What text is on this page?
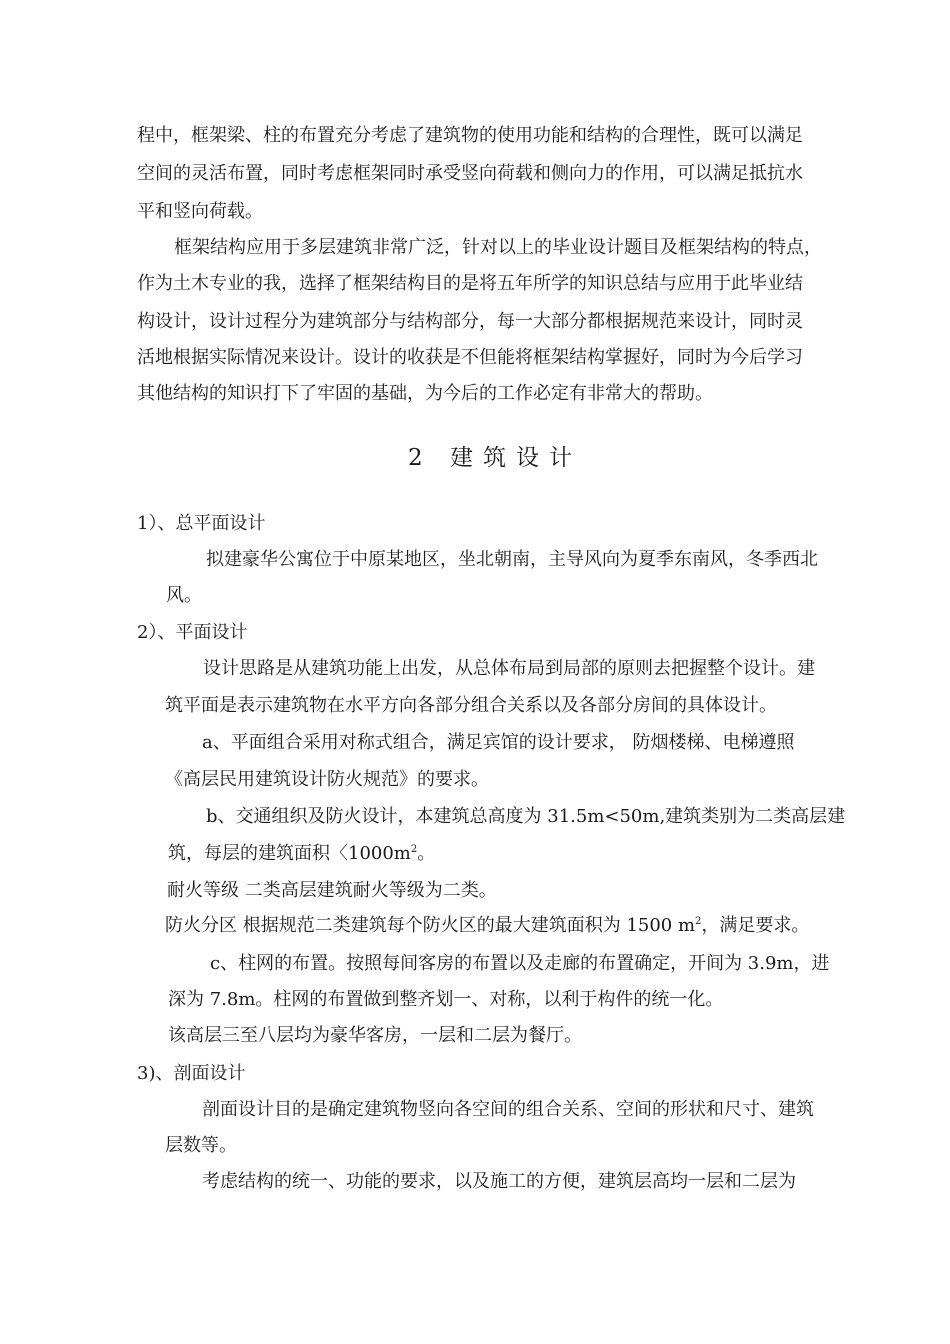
程中，框架梁、柱的布置充分考虑了建筑物的使用功能和结构的合理性，既可以满足
空间的灵活布置，同时考虑框架同时承受竖向荷载和侧向力的作用，可以满足抵抗水
平和竖向荷载。
框架结构应用于多层建筑非常广泛，针对以上的毕业设计题目及框架结构的特点，
作为土木专业的我，选择了框架结构目的是将五年所学的知识总结与应用于此毕业结
构设计，设计过程分为建筑部分与结构部分，每一大部分都根据规范来设计，同时灵
活地根据实际情况来设计。设计的收获是不但能将框架结构掌握好，同时为今后学习
其他结构的知识打下了牢固的基础，为今后的工作必定有非常大的帮助。
2 建筑设计
1）、总平面设计
拟建豪华公寓位于中原某地区，坐北朝南，主导风向为夏季东南风，冬季西北
风。
2）、平面设计
设计思路是从建筑功能上出发，从总体布局到局部的原则去把握整个设计。建
筑平面是表示建筑物在水平方向各部分组合关系以及各部分房间的具体设计。
a、平面组合采用对称式组合，满足宾馆的设计要求， 防烟楼梯、电梯遵照
《高层民用建筑设计防火规范》的要求。
b、交通组织及防火设计，本建筑总高度为 31.5m<50m,建筑类别为二类高层建
筑，每层的建筑面积〈$1000m^2$。
耐火等级 二类高层建筑耐火等级为二类。
防火分区 根据规范二类建筑每个防火区的最大建筑面积为 1500 $m^2$，满足要求。
c、柱网的布置。按照每间客房的布置以及走廊的布置确定，开间为 3.9m，进
深为 7.8m。柱网的布置做到整齐划一、对称，以利于构件的统一化。
该高层三至八层均为豪华客房，一层和二层为餐厅。
3)、剖面设计
剖面设计目的是确定建筑物竖向各空间的组合关系、空间的形状和尺寸、建筑
层数等。
考虑结构的统一、功能的要求，以及施工的方便，建筑层高均一层和二层为
